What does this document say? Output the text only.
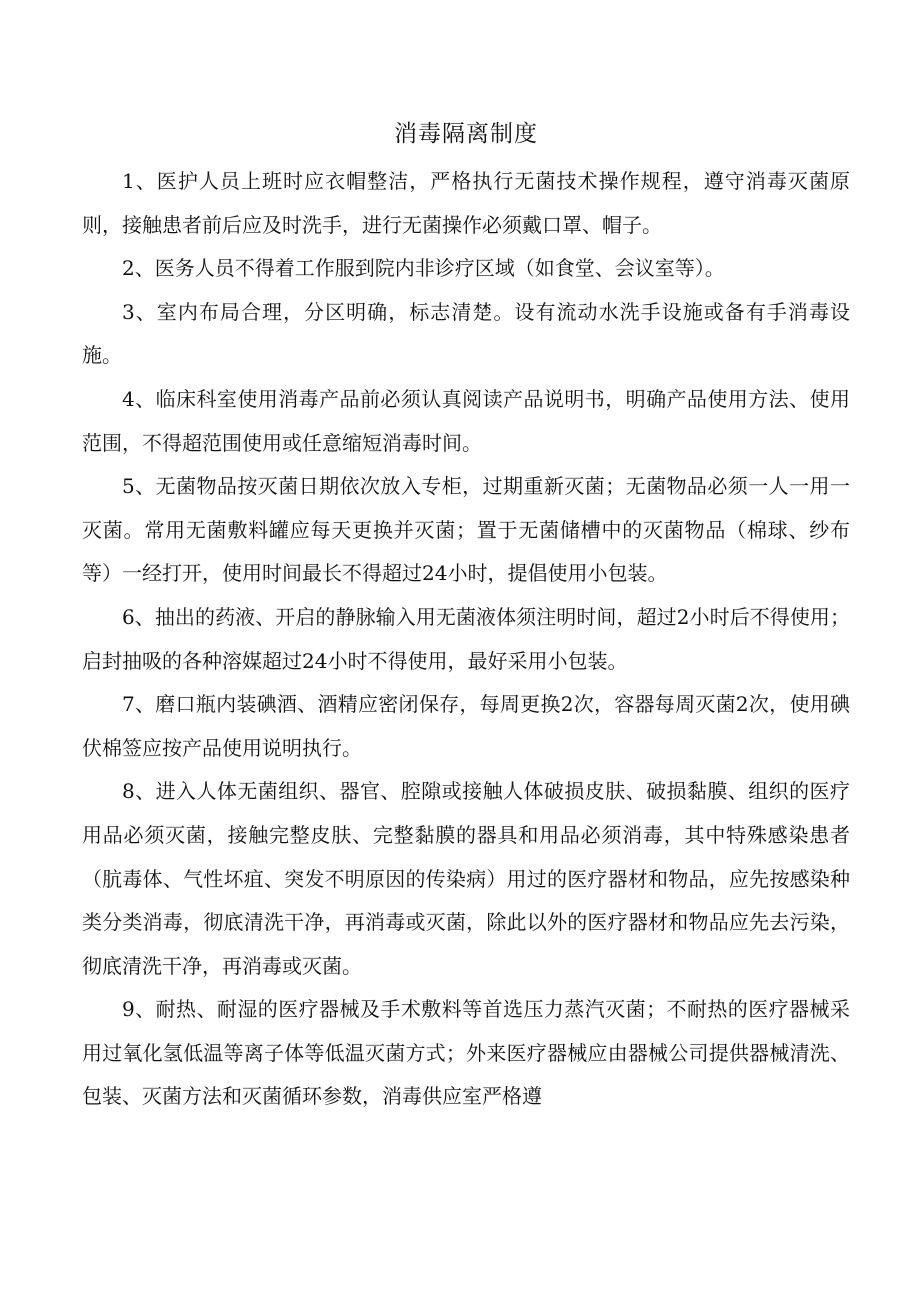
消毒隔离制度

1、医护人员上班时应衣帽整洁，严格执行无菌技术操作规程，遵守消毒灭菌原则，接触患者前后应及时洗手，进行无菌操作必须戴口罩、帽子。

2、医务人员不得着工作服到院内非诊疗区域（如食堂、会议室等）。

3、室内布局合理，分区明确，标志清楚。设有流动水洗手设施或备有手消毒设施。

4、临床科室使用消毒产品前必须认真阅读产品说明书，明确产品使用方法、使用范围，不得超范围使用或任意缩短消毒时间。

5、无菌物品按灭菌日期依次放入专柜，过期重新灭菌；无菌物品必须一人一用一灭菌。常用无菌敷料罐应每天更换并灭菌；置于无菌储槽中的灭菌物品（棉球、纱布等）一经打开，使用时间最长不得超过24小时，提倡使用小包装。

6、抽出的药液、开启的静脉输入用无菌液体须注明时间，超过2小时后不得使用；启封抽吸的各种溶媒超过24小时不得使用，最好采用小包装。

7、磨口瓶内装碘酒、酒精应密闭保存，每周更换2次，容器每周灭菌2次，使用碘伏棉签应按产品使用说明执行。

8、进入人体无菌组织、器官、腔隙或接触人体破损皮肤、破损黏膜、组织的医疗用品必须灭菌，接触完整皮肤、完整黏膜的器具和用品必须消毒，其中特殊感染患者（肮毒体、气性坏疽、突发不明原因的传染病）用过的医疗器材和物品，应先按感染种类分类消毒，彻底清洗干净，再消毒或灭菌，除此以外的医疗器材和物品应先去污染，彻底清洗干净，再消毒或灭菌。

9、耐热、耐湿的医疗器械及手术敷料等首选压力蒸汽灭菌；不耐热的医疗器械采用过氧化氢低温等离子体等低温灭菌方式；外来医疗器械应由器械公司提供器械清洗、包装、灭菌方法和灭菌循环参数，消毒供应室严格遵
